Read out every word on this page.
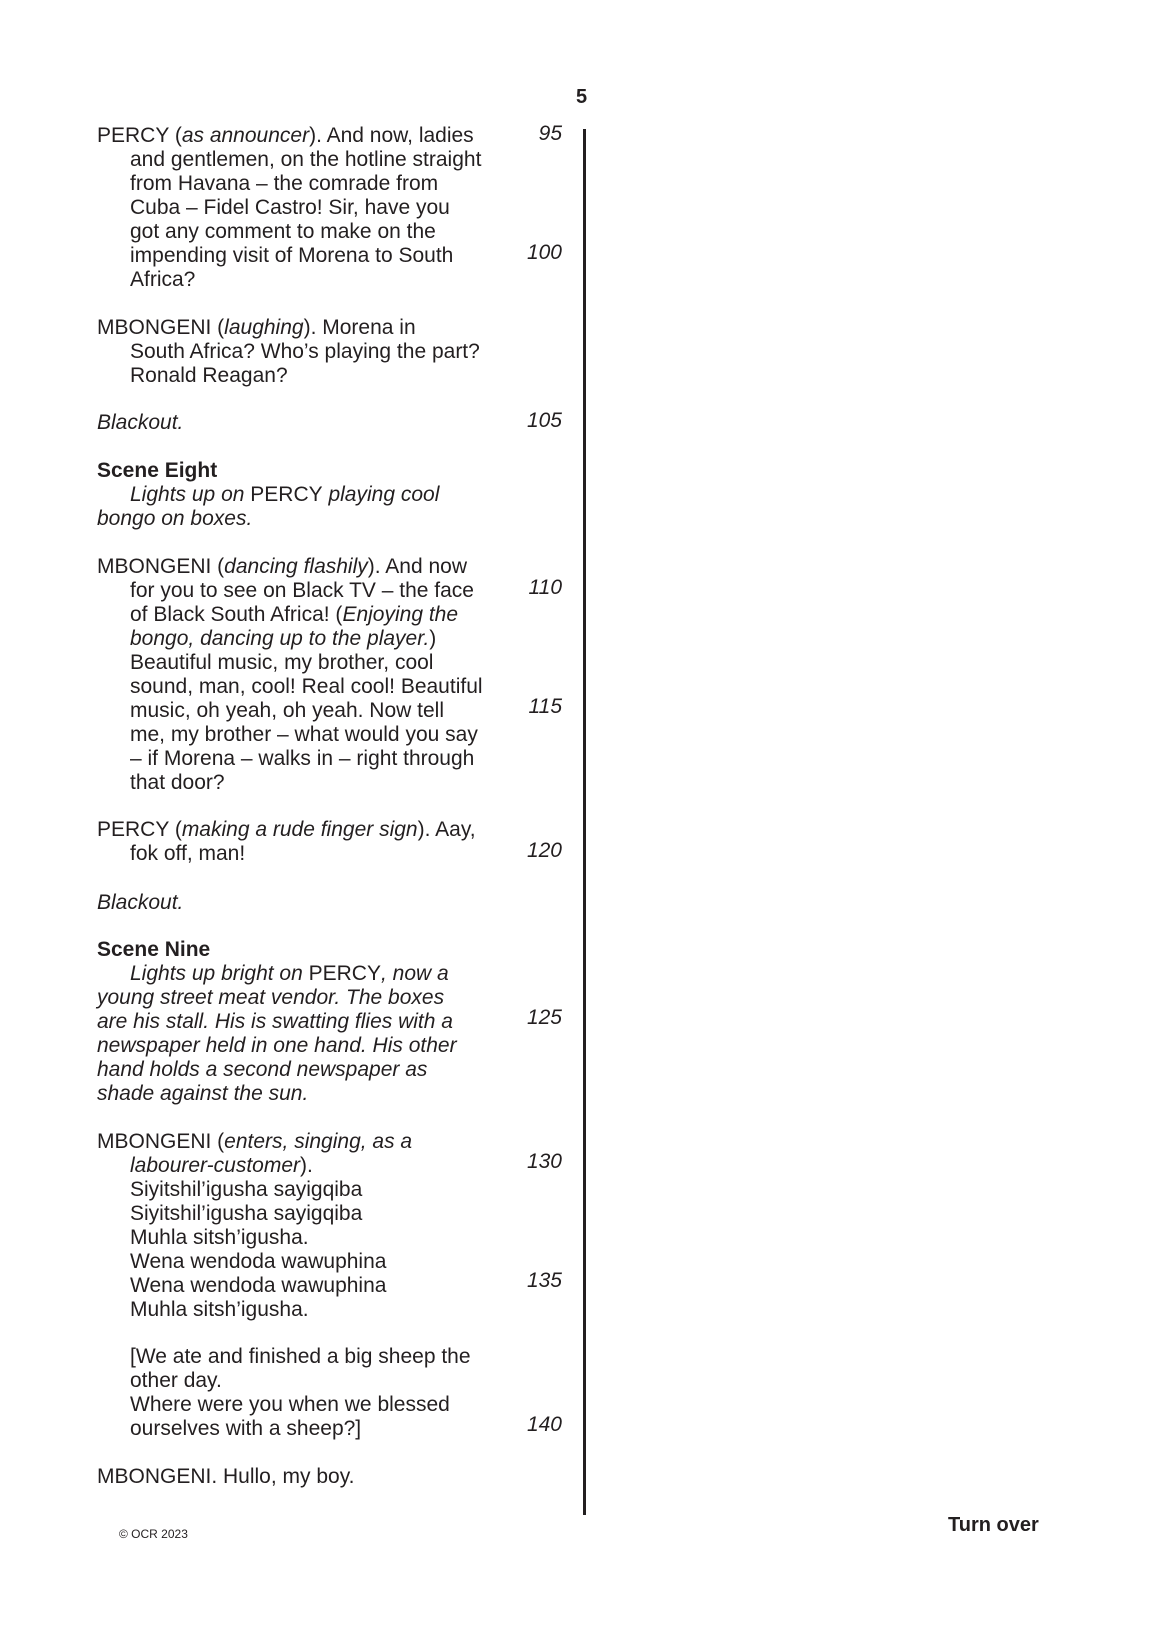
5
95
100
105
110
115
120
125
130
135
140
PERCY (as announcer). And now, ladies
and gentlemen, on the hotline straight
from Havana – the comrade from
Cuba – Fidel Castro! Sir, have you
got any comment to make on the
impending visit of Morena to South
Africa?
MBONGENI (laughing). Morena in
South Africa? Who’s playing the part?
Ronald Reagan?
Blackout.
Scene Eight
Lights up on PERCY playing cool
bongo on boxes.
MBONGENI (dancing flashily). And now
for you to see on Black TV – the face
of Black South Africa! (Enjoying the
bongo, dancing up to the player.)
Beautiful music, my brother, cool
sound, man, cool! Real cool! Beautiful
music, oh yeah, oh yeah. Now tell
me, my brother – what would you say
– if Morena – walks in – right through
that door?
PERCY (making a rude finger sign). Aay,
fok off, man!
Blackout.
Scene Nine
Lights up bright on PERCY, now a
young street meat vendor. The boxes
are his stall. His is swatting flies with a
newspaper held in one hand. His other
hand holds a second newspaper as
shade against the sun.
MBONGENI (enters, singing, as a
labourer-customer).
Siyitshil’igusha sayigqiba
Siyitshil’igusha sayigqiba
Muhla sitsh’igusha.
Wena wendoda wawuphina
Wena wendoda wawuphina
Muhla sitsh’igusha.
[We ate and finished a big sheep the
other day.
Where were you when we blessed
ourselves with a sheep?]
MBONGENI. Hullo, my boy.
© OCR 2023	Turn over
